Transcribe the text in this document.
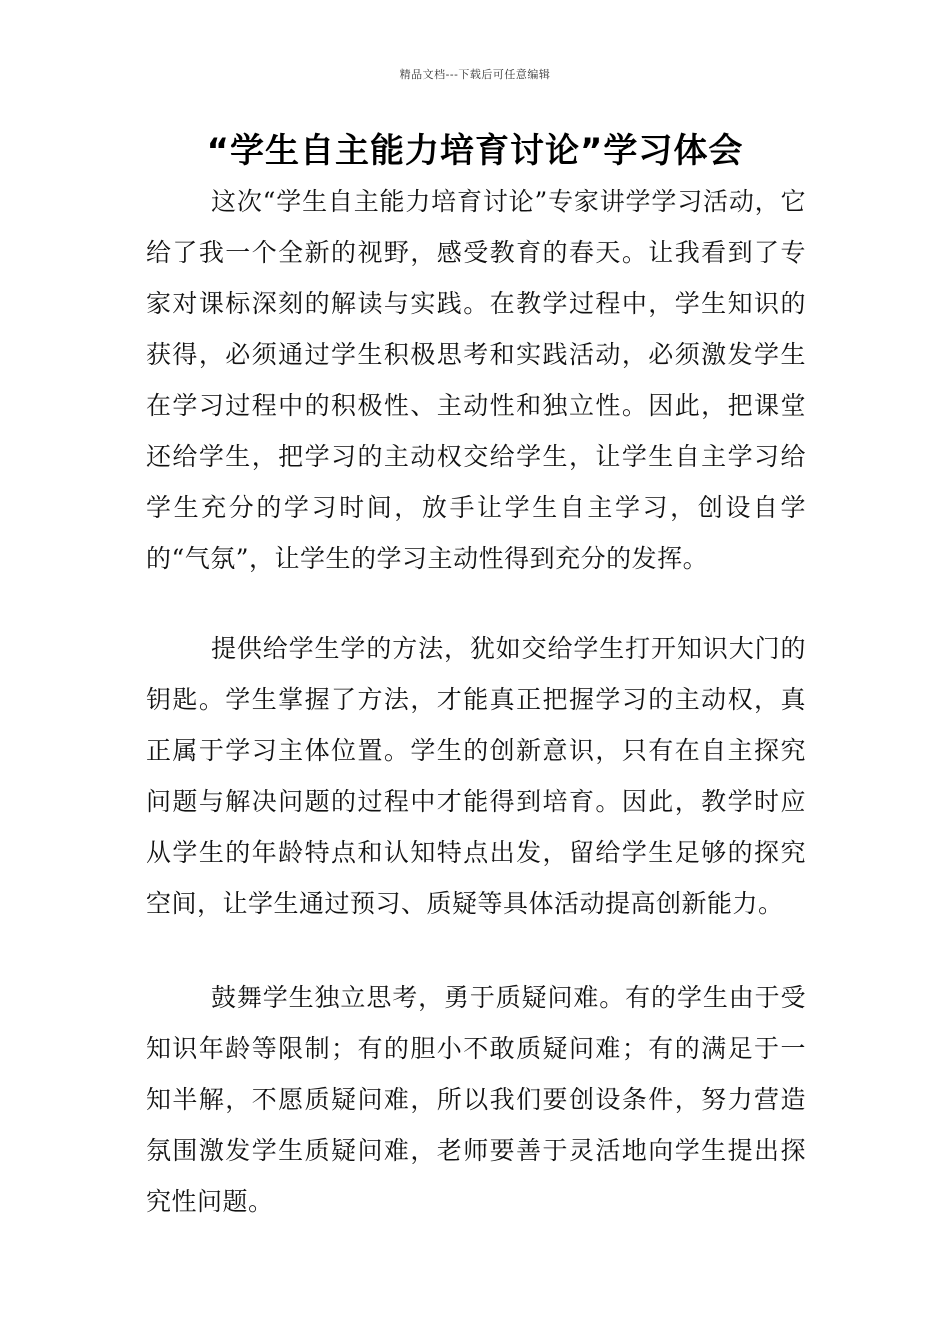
精品文档---下载后可任意编辑
“学生自主能力培育讨论”学习体会

这次“学生自主能力培育讨论”专家讲学学习活动，它给了我一个全新的视野，感受教育的春天。让我看到了专家对课标深刻的解读与实践。在教学过程中，学生知识的获得，必须通过学生积极思考和实践活动，必须激发学生在学习过程中的积极性、主动性和独立性。因此，把课堂还给学生，把学习的主动权交给学生，让学生自主学习给学生充分的学习时间，放手让学生自主学习，创设自学的“气氛”，让学生的学习主动性得到充分的发挥。

提供给学生学的方法，犹如交给学生打开知识大门的钥匙。学生掌握了方法，才能真正把握学习的主动权，真正属于学习主体位置。学生的创新意识，只有在自主探究问题与解决问题的过程中才能得到培育。因此，教学时应从学生的年龄特点和认知特点出发，留给学生足够的探究空间，让学生通过预习、质疑等具体活动提高创新能力。

鼓舞学生独立思考，勇于质疑问难。有的学生由于受知识年龄等限制；有的胆小不敢质疑问难；有的满足于一知半解，不愿质疑问难，所以我们要创设条件，努力营造氛围激发学生质疑问难，老师要善于灵活地向学生提出探究性问题。
